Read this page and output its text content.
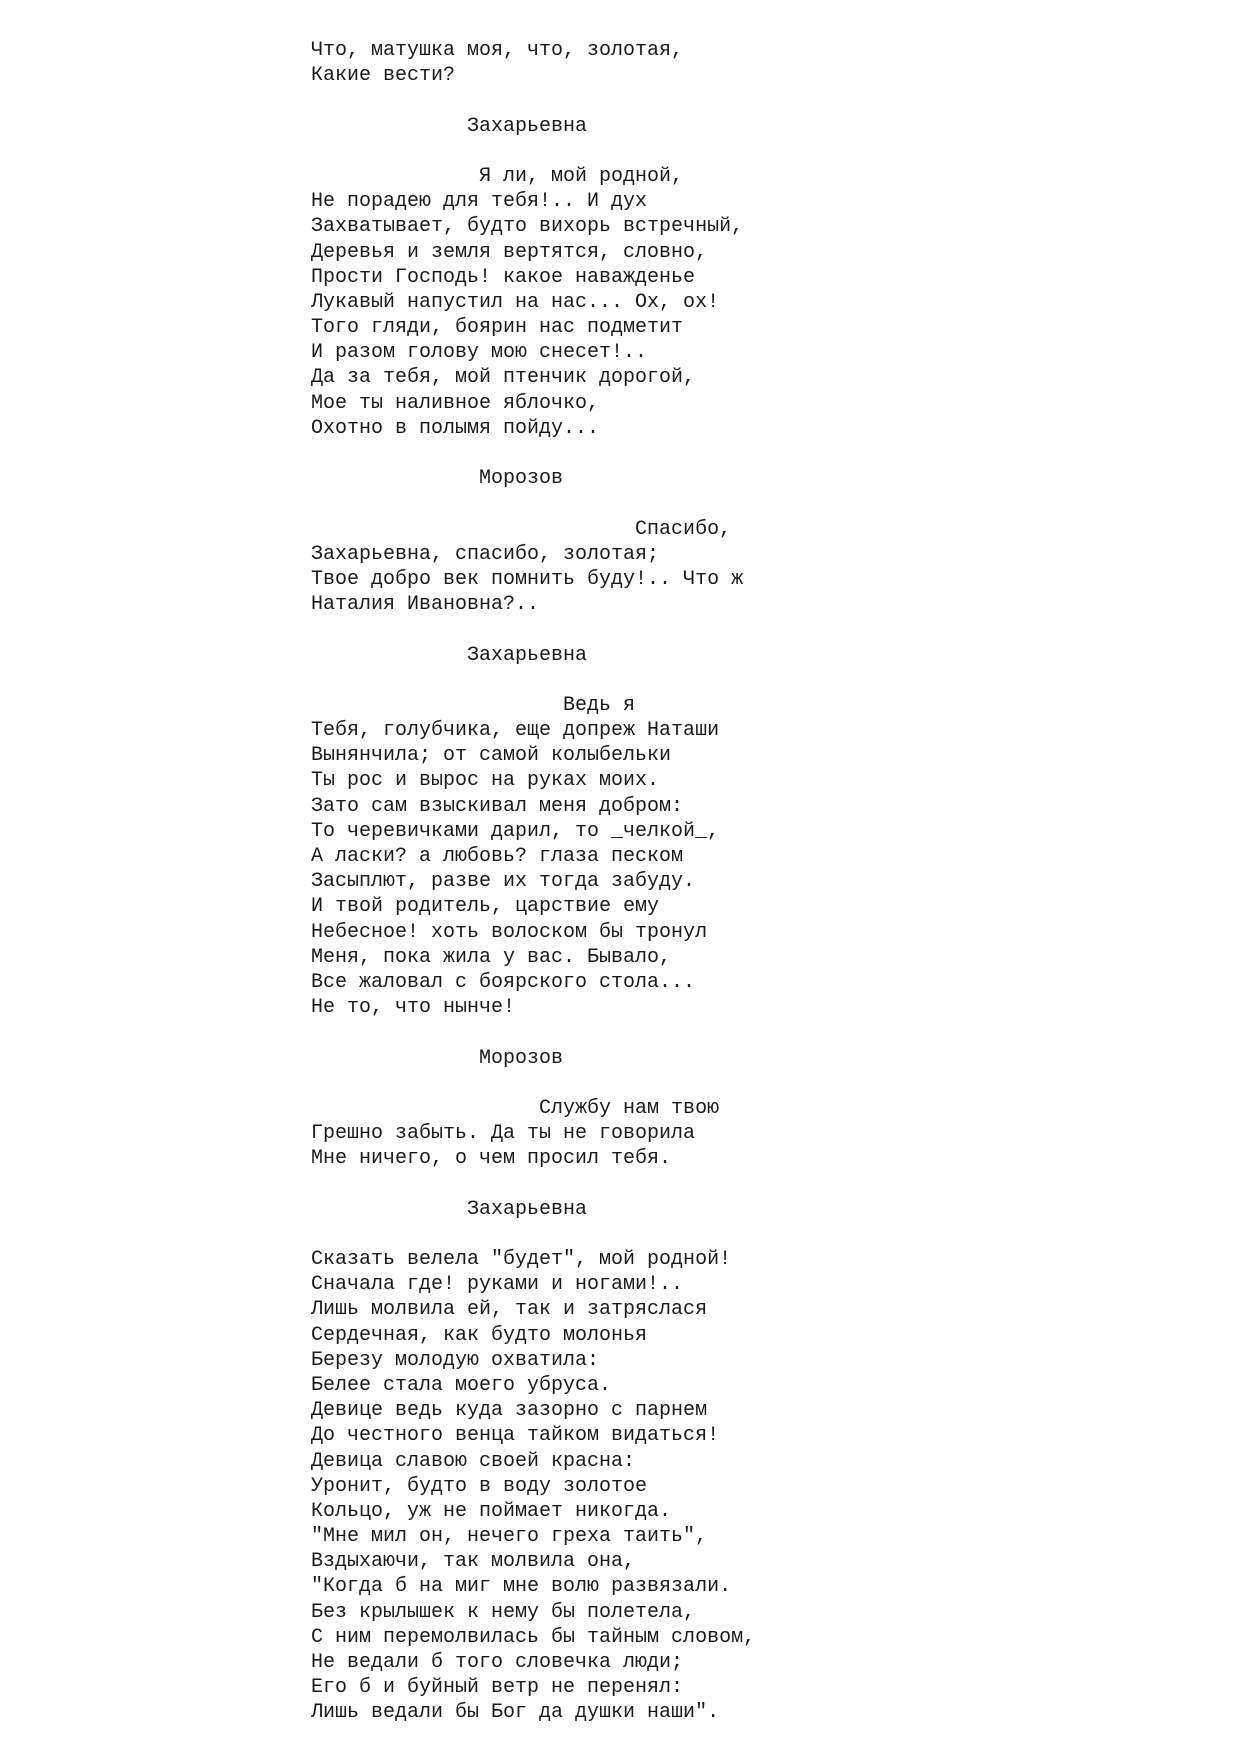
Что, матушка моя, что, золотая,
Какие вести?
Захарьевна
Я ли, мой родной,
Не порадею для тебя!.. И дух
Захватывает, будто вихорь встречный,
Деревья и земля вертятся, словно,
Прости Господь! какое наважденье
Лукавый напустил на нас... Ох, ох!
Того гляди, боярин нас подметит
И разом голову мою снесет!..
Да за тебя, мой птенчик дорогой,
Мое ты наливное яблочко,
Охотно в полымя пойду...
Морозов
Спасибо,
Захарьевна, спасибо, золотая;
Твое добро век помнить буду!.. Что ж
Наталия Ивановна?..
Захарьевна
Ведь я
Тебя, голубчика, еще допреж Наташи
Вынянчила; от самой колыбельки
Ты рос и вырос на руках моих.
Зато сам взыскивал меня добром:
То черевичками дарил, то _челкой_,
А ласки? а любовь? глаза песком
Засыплют, разве их тогда забуду.
И твой родитель, царствие ему
Небесное! хоть волоском бы тронул
Меня, пока жила у вас. Бывало,
Все жаловал с боярского стола...
Не то, что нынче!
Морозов
Службу нам твою
Грешно забыть. Да ты не говорила
Мне ничего, о чем просил тебя.
Захарьевна
Сказать велела "будет", мой родной!
Сначала где! руками и ногами!..
Лишь молвила ей, так и затряслася
Сердечная, как будто молонья
Березу молодую охватила:
Белее стала моего убруса.
Девице ведь куда зазорно с парнем
До честного венца тайком видаться!
Девица славою своей красна:
Уронит, будто в воду золотое
Кольцо, уж не поймает никогда.
"Мне мил он, нечего греха таить",
Вздыхаючи, так молвила она,
"Когда б на миг мне волю развязали.
Без крылышек к нему бы полетела,
С ним перемолвилась бы тайным словом,
Не ведали б того словечка люди;
Его б и буйный ветр не перенял:
Лишь ведали бы Бог да душки наши".
